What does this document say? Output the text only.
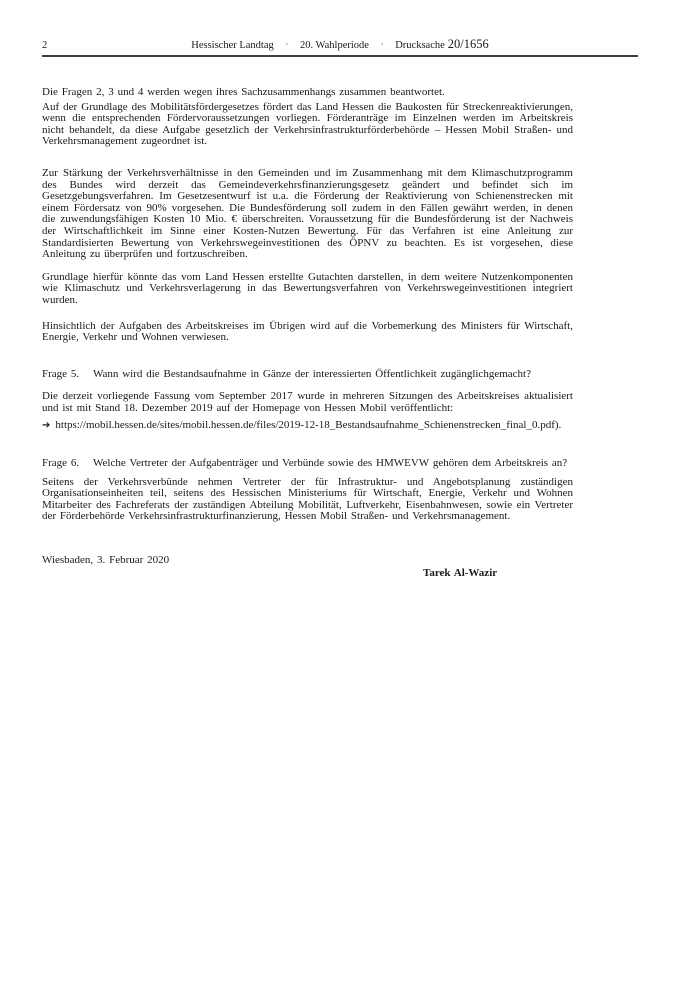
2	Hessischer Landtag · 20. Wahlperiode · Drucksache 20/1656

Die Fragen 2, 3 und 4 werden wegen ihres Sachzusammenhangs zusammen beantwortet.

Auf der Grundlage des Mobilitätsfördergesetzes fördert das Land Hessen die Baukosten für Streckenreaktivierungen, wenn die entsprechenden Fördervoraussetzungen vorliegen. Förderanträge im Einzelnen werden im Arbeitskreis nicht behandelt, da diese Aufgabe gesetzlich der Verkehrsinfrastrukturförderbehörde – Hessen Mobil Straßen- und Verkehrsmanagement zugeordnet ist.

Zur Stärkung der Verkehrsverhältnisse in den Gemeinden und im Zusammenhang mit dem Klimaschutzprogramm des Bundes wird derzeit das Gemeindeverkehrsfinanzierungsgesetz geändert und befindet sich im Gesetzgebungsverfahren. Im Gesetzesentwurf ist u.a. die Förderung der Reaktivierung von Schienenstrecken mit einem Fördersatz von 90% vorgesehen. Die Bundesförderung soll zudem in den Fällen gewährt werden, in denen die zuwendungsfähigen Kosten 10 Mio. € überschreiten. Voraussetzung für die Bundesförderung ist der Nachweis der Wirtschaftlichkeit im Sinne einer Kosten-Nutzen Bewertung. Für das Verfahren ist eine Anleitung zur Standardisierten Bewertung von Verkehrswegeinvestitionen des ÖPNV zu beachten. Es ist vorgesehen, diese Anleitung zu überprüfen und fortzuschreiben.

Grundlage hierfür könnte das vom Land Hessen erstellte Gutachten darstellen, in dem weitere Nutzenkomponenten wie Klimaschutz und Verkehrsverlagerung in das Bewertungsverfahren von Verkehrswegeinvestitionen integriert wurden.

Hinsichtlich der Aufgaben des Arbeitskreises im Übrigen wird auf die Vorbemerkung des Ministers für Wirtschaft, Energie, Verkehr und Wohnen verwiesen.

Frage 5.	Wann wird die Bestandsaufnahme in Gänze der interessierten Öffentlichkeit zugänglichgemacht?

Die derzeit vorliegende Fassung vom September 2017 wurde in mehreren Sitzungen des Arbeitskreises aktualisiert und ist mit Stand 18. Dezember 2019 auf der Homepage von Hessen Mobil veröffentlicht:

➔ https://mobil.hessen.de/sites/mobil.hessen.de/files/2019-12-18_Bestandsaufnahme_Schienenstrecken_final_0.pdf).

Frage 6.	Welche Vertreter der Aufgabenträger und Verbünde sowie des HMWEVW gehören dem Arbeitskreis an?

Seitens der Verkehrsverbünde nehmen Vertreter der für Infrastruktur- und Angebotsplanung zuständigen Organisationseinheiten teil, seitens des Hessischen Ministeriums für Wirtschaft, Energie, Verkehr und Wohnen Mitarbeiter des Fachreferats der zuständigen Abteilung Mobilität, Luftverkehr, Eisenbahnwesen, sowie ein Vertreter der Förderbehörde Verkehrsinfrastrukturfinanzierung, Hessen Mobil Straßen- und Verkehrsmanagement.

Wiesbaden, 3. Februar 2020

Tarek Al-Wazir
